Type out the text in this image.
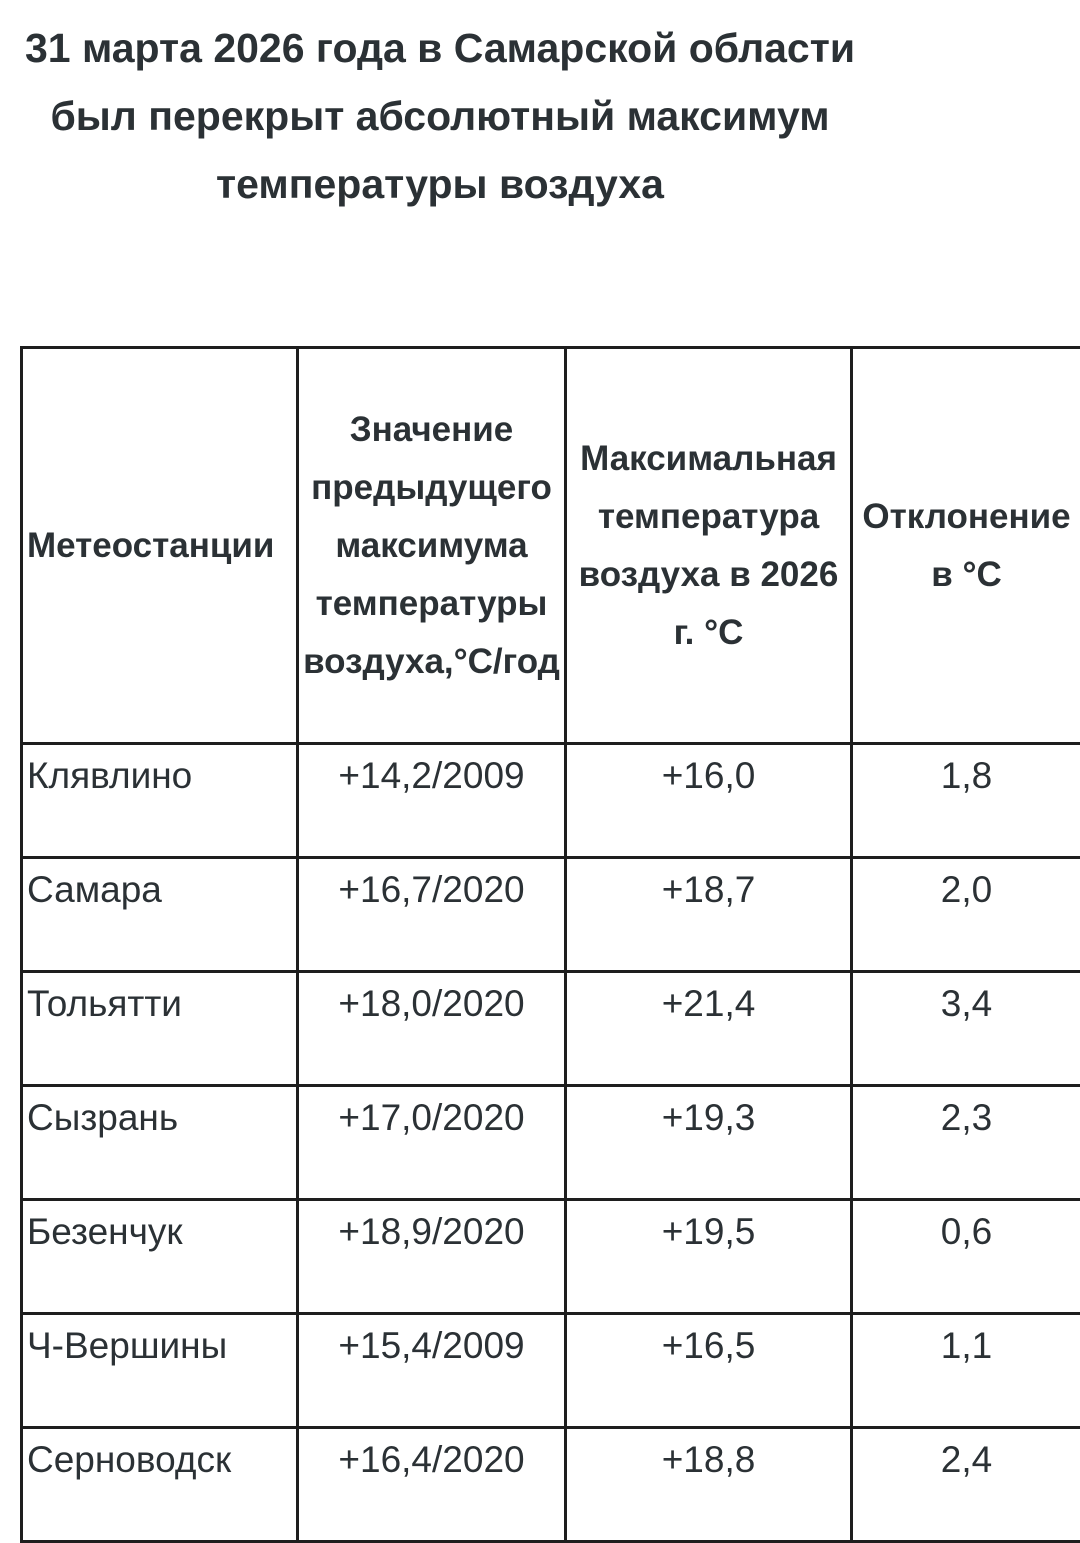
31 марта 2026 года в Самарской области был перекрыт абсолютный максимум температуры воздуха
Метеостанции	Значение предыдущего максимума температуры воздуха,°С/год	Максимальная температура воздуха в 2026 г. °С	Отклонение в °С
Клявлино	+14,2/2009	+16,0	1,8
Самара	+16,7/2020	+18,7	2,0
Тольятти	+18,0/2020	+21,4	3,4
Сызрань	+17,0/2020	+19,3	2,3
Безенчук	+18,9/2020	+19,5	0,6
Ч-Вершины	+15,4/2009	+16,5	1,1
Серноводск	+16,4/2020	+18,8	2,4
